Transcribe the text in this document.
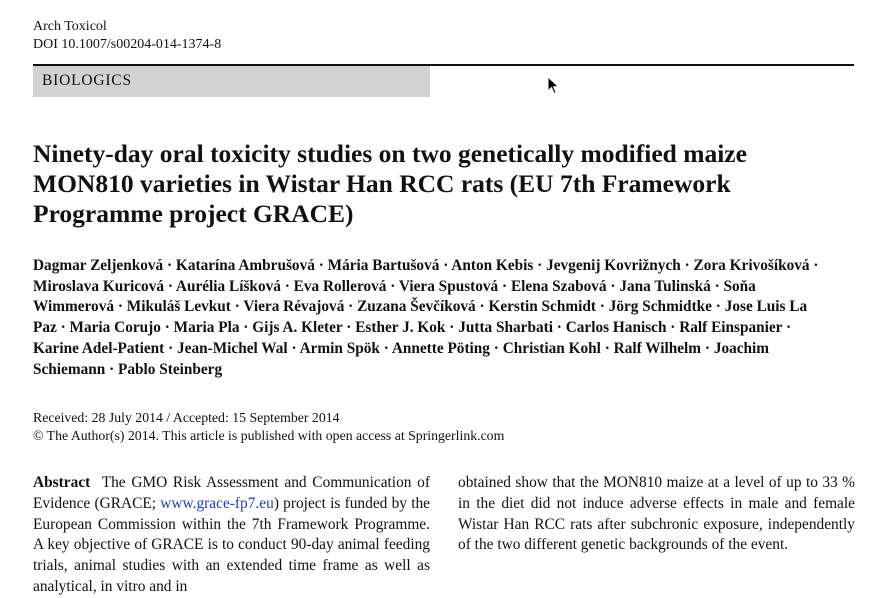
Arch Toxicol
DOI 10.1007/s00204-014-1374-8
BIOLOGICS
Ninety-day oral toxicity studies on two genetically modified maize MON810 varieties in Wistar Han RCC rats (EU 7th Framework Programme project GRACE)

Dagmar Zeljenková · Katarína Ambrušová · Mária Bartušová · Anton Kebis · Jevgenij Kovrižnych · Zora Krivošíková · Miroslava Kuricová · Aurélia Líšková · Eva Rollerová · Viera Spustová · Elena Szabová · Jana Tulinská · Soňa Wimmerová · Mikuláš Levkut · Viera Révajová · Zuzana Ševčíková · Kerstin Schmidt · Jörg Schmidtke · Jose Luis La Paz · Maria Corujo · Maria Pla · Gijs A. Kleter · Esther J. Kok · Jutta Sharbati · Carlos Hanisch · Ralf Einspanier · Karine Adel-Patient · Jean-Michel Wal · Armin Spök · Annette Pöting · Christian Kohl · Ralf Wilhelm · Joachim Schiemann · Pablo Steinberg

Received: 28 July 2014 / Accepted: 15 September 2014
© The Author(s) 2014. This article is published with open access at Springerlink.com
Abstract The GMO Risk Assessment and Communication of Evidence (GRACE; www.grace-fp7.eu) project is funded by the European Commission within the 7th Framework Programme. A key objective of GRACE is to conduct 90-day animal feeding trials, animal studies with an extended time frame as well as analytical, in vitro and in
obtained show that the MON810 maize at a level of up to 33 % in the diet did not induce adverse effects in male and female Wistar Han RCC rats after subchronic exposure, independently of the two different genetic backgrounds of the event.
